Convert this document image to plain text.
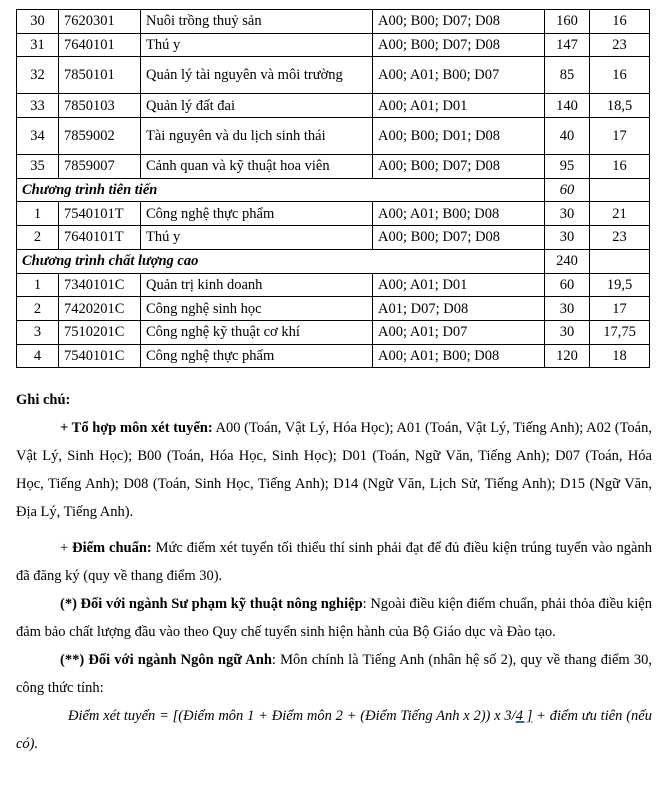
30	7620301	Nuôi trồng thuỷ sản	A00; B00; D07; D08	160	16
31	7640101	Thú y	A00; B00; D07; D08	147	23
32	7850101	Quản lý tài nguyên và môi trường	A00; A01; B00; D07	85	16
33	7850103	Quản lý đất đai	A00; A01; D01	140	18,5
34	7859002	Tài nguyên và du lịch sinh thái	A00; B00; D01; D08	40	17
35	7859007	Cảnh quan và kỹ thuật hoa viên	A00; B00; D07; D08	95	16
Chương trình tiên tiến				60	
1	7540101T	Công nghệ thực phẩm	A00; A01; B00; D08	30	21
2	7640101T	Thú y	A00; B00; D07; D08	30	23
Chương trình chất lượng cao				240	
1	7340101C	Quản trị kinh doanh	A00; A01; D01	60	19,5
2	7420201C	Công nghệ sinh học	A01; D07; D08	30	17
3	7510201C	Công nghệ kỹ thuật cơ khí	A00; A01; D07	30	17,75
4	7540101C	Công nghệ thực phẩm	A00; A01; B00; D08	120	18

Ghi chú:

+ Tổ hợp môn xét tuyển: A00 (Toán, Vật Lý, Hóa Học); A01 (Toán, Vật Lý, Tiếng Anh); A02 (Toán, Vật Lý, Sinh Học); B00 (Toán, Hóa Học, Sinh Học); D01 (Toán, Ngữ Văn, Tiếng Anh); D07 (Toán, Hóa Học, Tiếng Anh); D08 (Toán, Sinh Học, Tiếng Anh); D14 (Ngữ Văn, Lịch Sử, Tiếng Anh); D15 (Ngữ Văn, Địa Lý, Tiếng Anh).

+ Điểm chuẩn: Mức điểm xét tuyển tối thiểu thí sinh phải đạt để đủ điều kiện trúng tuyển vào ngành đã đăng ký (quy về thang điểm 30).

(*) Đối với ngành Sư phạm kỹ thuật nông nghiệp: Ngoài điều kiện điểm chuẩn, phải thỏa điều kiện đảm bảo chất lượng đầu vào theo Quy chế tuyển sinh hiện hành của Bộ Giáo dục và Đào tạo.

(**) Đối với ngành Ngôn ngữ Anh: Môn chính là Tiếng Anh (nhân hệ số 2), quy về thang điểm 30, công thức tính:

Điểm xét tuyển = [(Điểm môn 1 + Điểm môn 2 + (Điểm Tiếng Anh x 2)) x 3/4 ] + điểm ưu tiên (nếu có).
